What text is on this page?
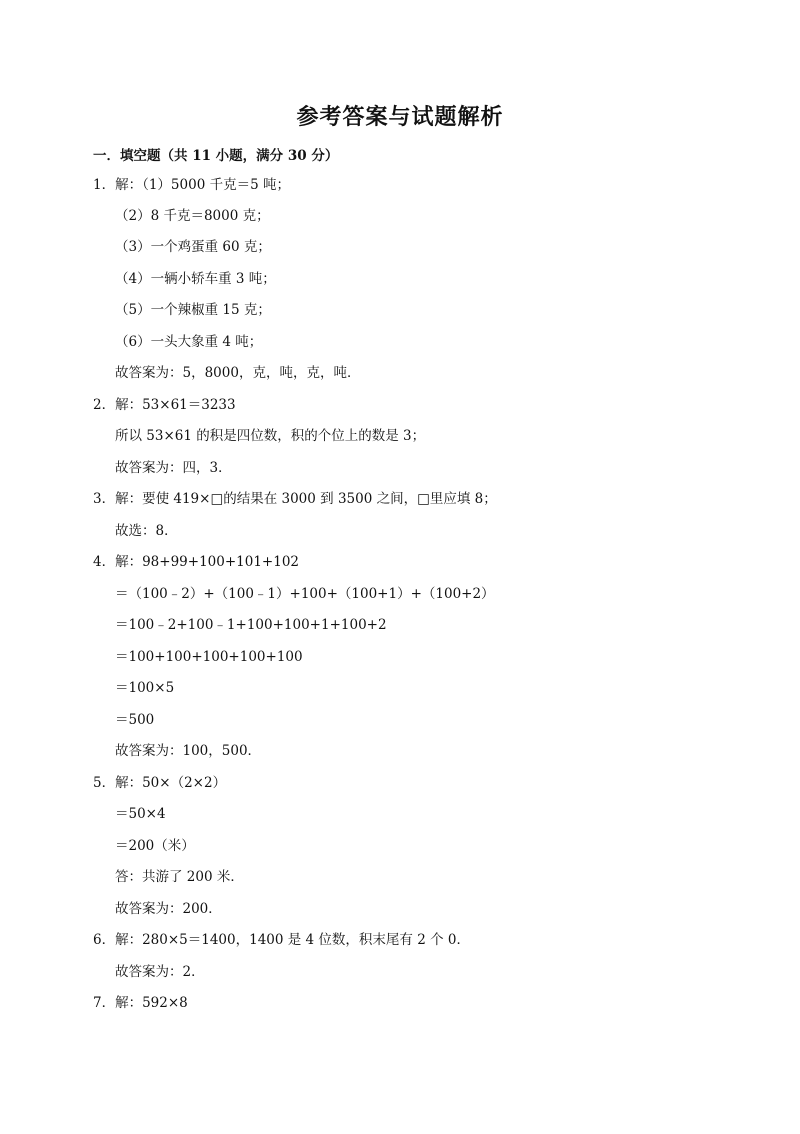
参考答案与试题解析
一．填空题（共 11 小题，满分 30 分）
1．解：（1）5000 千克＝5 吨；
（2）8 千克＝8000 克；
（3）一个鸡蛋重 60 克；
（4）一辆小轿车重 3 吨；
（5）一个辣椒重 15 克；
（6）一头大象重 4 吨；
故答案为：5，8000，克，吨，克，吨．
2．解：53×61＝3233
所以 53×61 的积是四位数，积的个位上的数是 3；
故答案为：四，3．
3．解：要使 419×□的结果在 3000 到 3500 之间，□里应填 8；
故选：8．
4．解：98+99+100+101+102
＝（100﹣2）+（100﹣1）+100+（100+1）+（100+2）
＝100﹣2+100﹣1+100+100+1+100+2
＝100+100+100+100+100
＝100×5
＝500
故答案为：100，500．
5．解：50×（2×2）
＝50×4
＝200（米）
答：共游了 200 米．
故答案为：200．
6．解：280×5＝1400，1400 是 4 位数，积末尾有 2 个 0．
故答案为：2．
7．解：592×8
